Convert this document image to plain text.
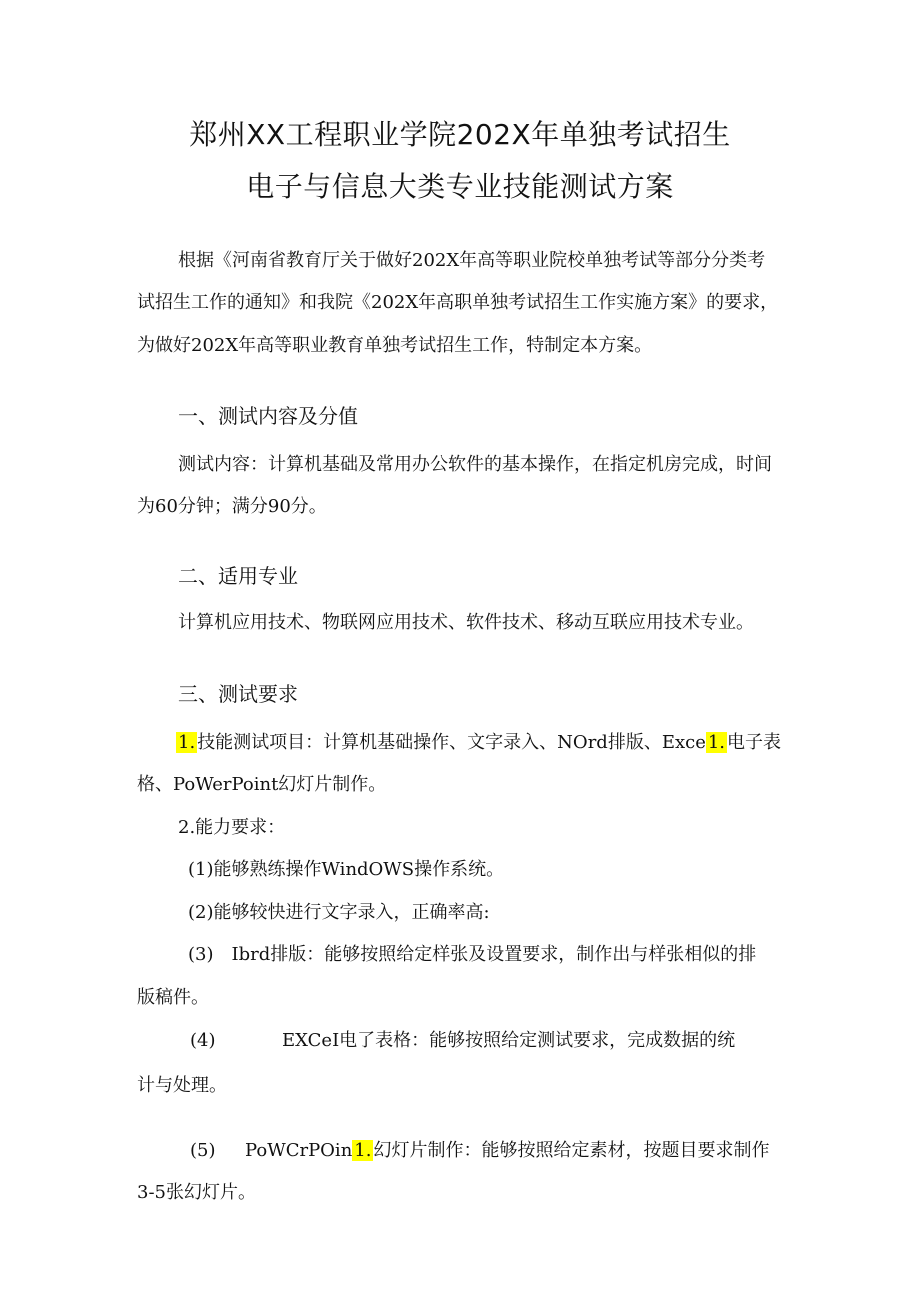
郑州XX工程职业学院202X年单独考试招生
电子与信息大类专业技能测试方案
根据《河南省教育厅关于做好202X年高等职业院校单独考试等部分分类考
试招生工作的通知》和我院《202X年高职单独考试招生工作实施方案》的要求，
为做好202X年高等职业教育单独考试招生工作，特制定本方案。
一、测试内容及分值
测试内容：计算机基础及常用办公软件的基本操作，在指定机房完成，时间
为60分钟；满分90分。
二、适用专业
计算机应用技术、物联网应用技术、软件技术、移动互联应用技术专业。
三、测试要求
1. 技能测试项目：计算机基础操作、文字录入、NOrd排版、Exce 1. 电子表
格、PoWerPoint幻灯片制作。
2.能力要求：
(1)能够熟练操作WindOWS操作系统。
(2)能够较快进行文字录入，正确率高:
(3)　Ibrd排版：能够按照给定样张及设置要求，制作出与样张相似的排
版稿件。
(4)	EXCeI电了表格：能够按照给定测试要求，完成数据的统
计与处理。
(5) PoWCrPOin 1. 幻灯片制作：能够按照给定素材，按题目要求制作
3-5张幻灯片。
